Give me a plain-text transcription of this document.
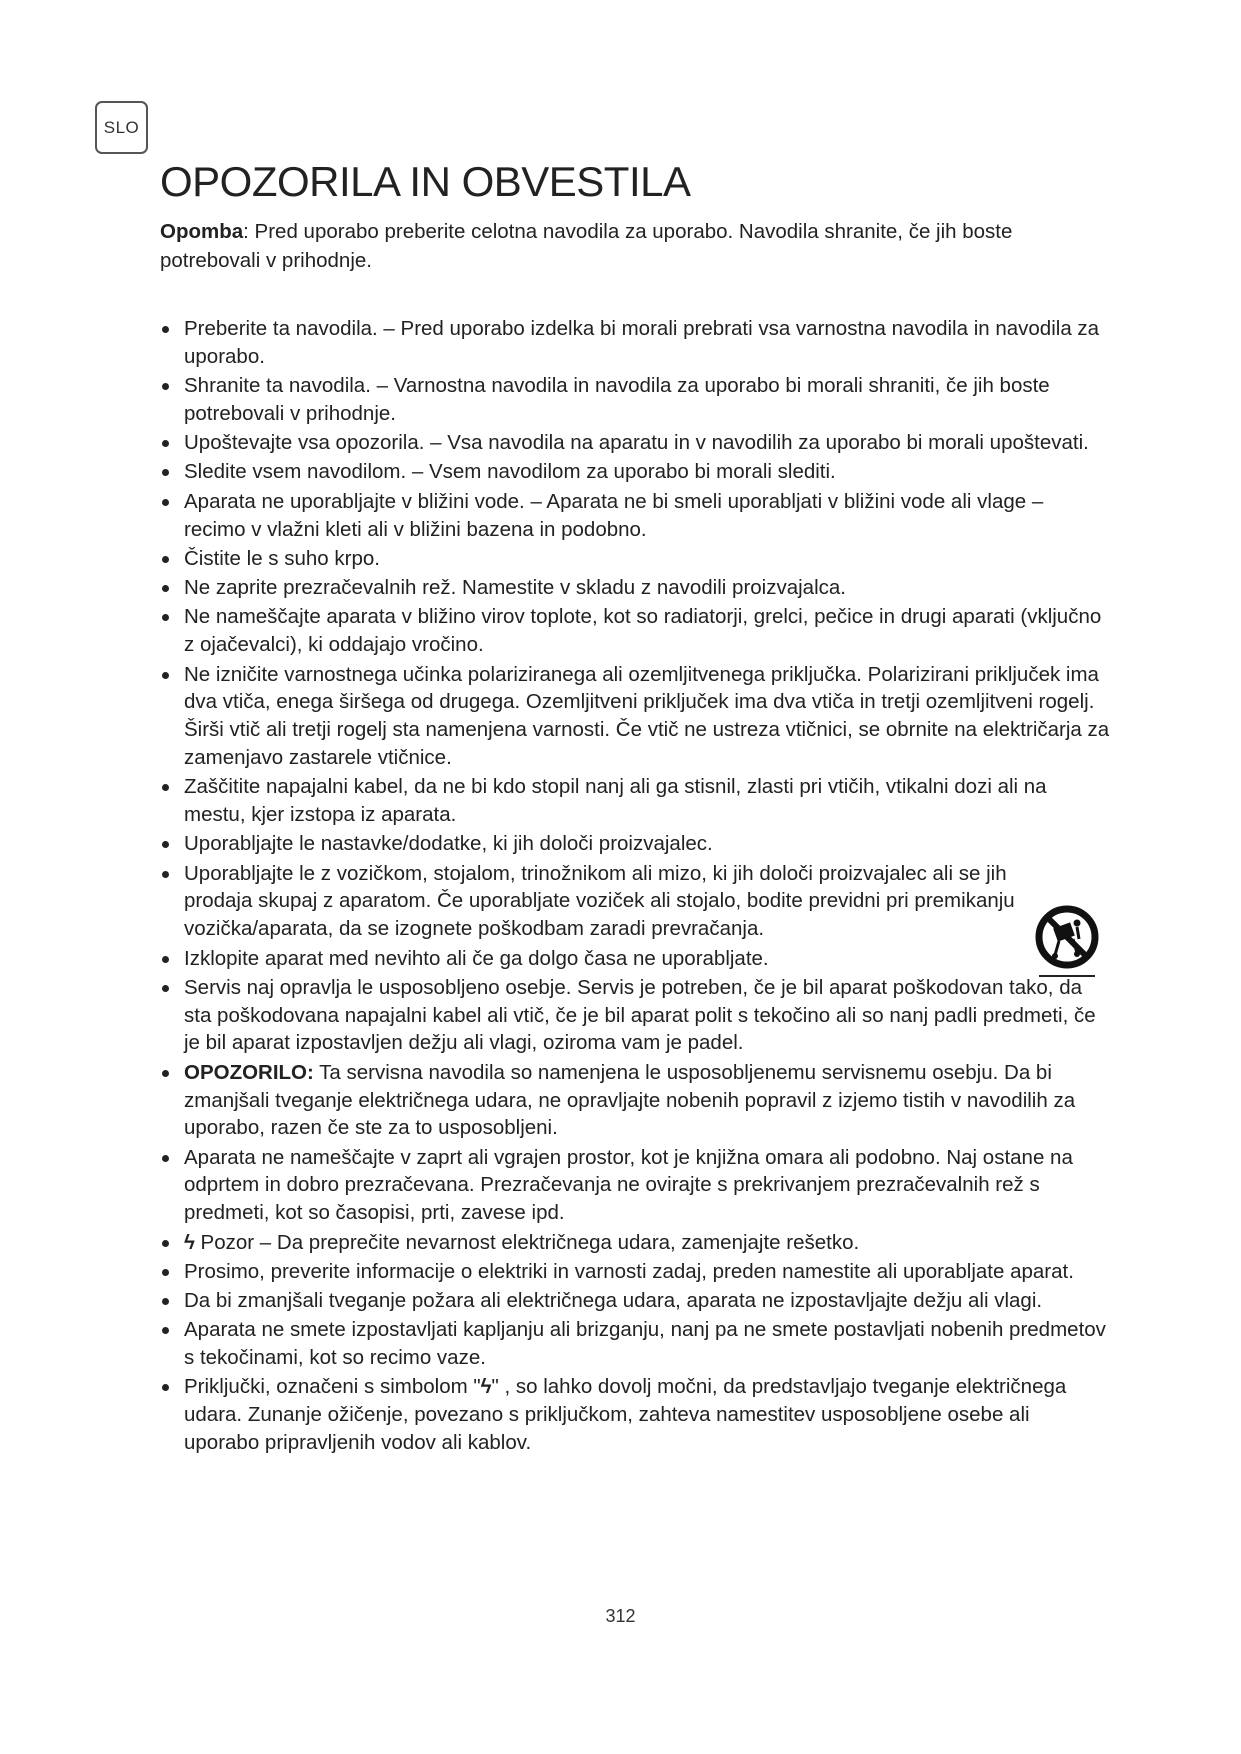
SLO
OPOZORILA IN OBVESTILA

Opomba: Pred uporabo preberite celotna navodila za uporabo. Navodila shranite, če jih boste potrebovali v prihodnje.

Preberite ta navodila. – Pred uporabo izdelka bi morali prebrati vsa varnostna navodila in navodila za uporabo.
Shranite ta navodila. – Varnostna navodila in navodila za uporabo bi morali shraniti, če jih boste potrebovali v prihodnje.
Upoštevajte vsa opozorila. – Vsa navodila na aparatu in v navodilih za uporabo bi morali upoštevati.
Sledite vsem navodilom. – Vsem navodilom za uporabo bi morali slediti.
Aparata ne uporabljajte v bližini vode. – Aparata ne bi smeli uporabljati v bližini vode ali vlage – recimo v vlažni kleti ali v bližini bazena in podobno.
Čistite le s suho krpo.
Ne zaprite prezračevalnih rež. Namestite v skladu z navodili proizvajalca.
Ne nameščajte aparata v bližino virov toplote, kot so radiatorji, grelci, pečice in drugi aparati (vključno z ojačevalci), ki oddajajo vročino.
Ne izničite varnostnega učinka polariziranega ali ozemljitvenega priključka. Polarizirani priključek ima dva vtiča, enega širšega od drugega. Ozemljitveni priključek ima dva vtiča in tretji ozemljitveni rogelj. Širši vtič ali tretji rogelj sta namenjena varnosti. Če vtič ne ustreza vtičnici, se obrnite na električarja za zamenjavo zastarele vtičnice.
Zaščitite napajalni kabel, da ne bi kdo stopil nanj ali ga stisnil, zlasti pri vtičih, vtikalni dozi ali na mestu, kjer izstopa iz aparata.
Uporabljajte le nastavke/dodatke, ki jih določi proizvajalec.
Uporabljajte le z vozičkom, stojalom, trinožnikom ali mizo, ki jih določi proizvajalec ali se jih prodaja skupaj z aparatom. Če uporabljate voziček ali stojalo, bodite previdni pri premikanju vozička/aparata, da se izognete poškodbam zaradi prevračanja.
Izklopite aparat med nevihto ali če ga dolgo časa ne uporabljate.
Servis naj opravlja le usposobljeno osebje. Servis je potreben, če je bil aparat poškodovan tako, da sta poškodovana napajalni kabel ali vtič, če je bil aparat polit s tekočino ali so nanj padli predmeti, če je bil aparat izpostavljen dežju ali vlagi, oziroma vam je padel.
OPOZORILO: Ta servisna navodila so namenjena le usposobljenemu servisnemu osebju. Da bi zmanjšali tveganje električnega udara, ne opravljajte nobenih popravil z izjemo tistih v navodilih za uporabo, razen če ste za to usposobljeni.
Aparata ne nameščajte v zaprt ali vgrajen prostor, kot je knjižna omara ali podobno. Naj ostane na odprtem in dobro prezračevana. Prezračevanja ne ovirajte s prekrivanjem prezračevalnih rež s predmeti, kot so časopisi, prti, zavese ipd.
ϟ Pozor – Da preprečite nevarnost električnega udara, zamenjajte rešetko.
Prosimo, preverite informacije o elektriki in varnosti zadaj, preden namestite ali uporabljate aparat.
Da bi zmanjšali tveganje požara ali električnega udara, aparata ne izpostavljajte dežju ali vlagi.
Aparata ne smete izpostavljati kapljanju ali brizganju, nanj pa ne smete postavljati nobenih predmetov s tekočinami, kot so recimo vaze.
Priključki, označeni s simbolom "ϟ" , so lahko dovolj močni, da predstavljajo tveganje električnega udara. Zunanje ožičenje, povezano s priključkom, zahteva namestitev usposobljene osebe ali uporabo pripravljenih vodov ali kablov.

312
